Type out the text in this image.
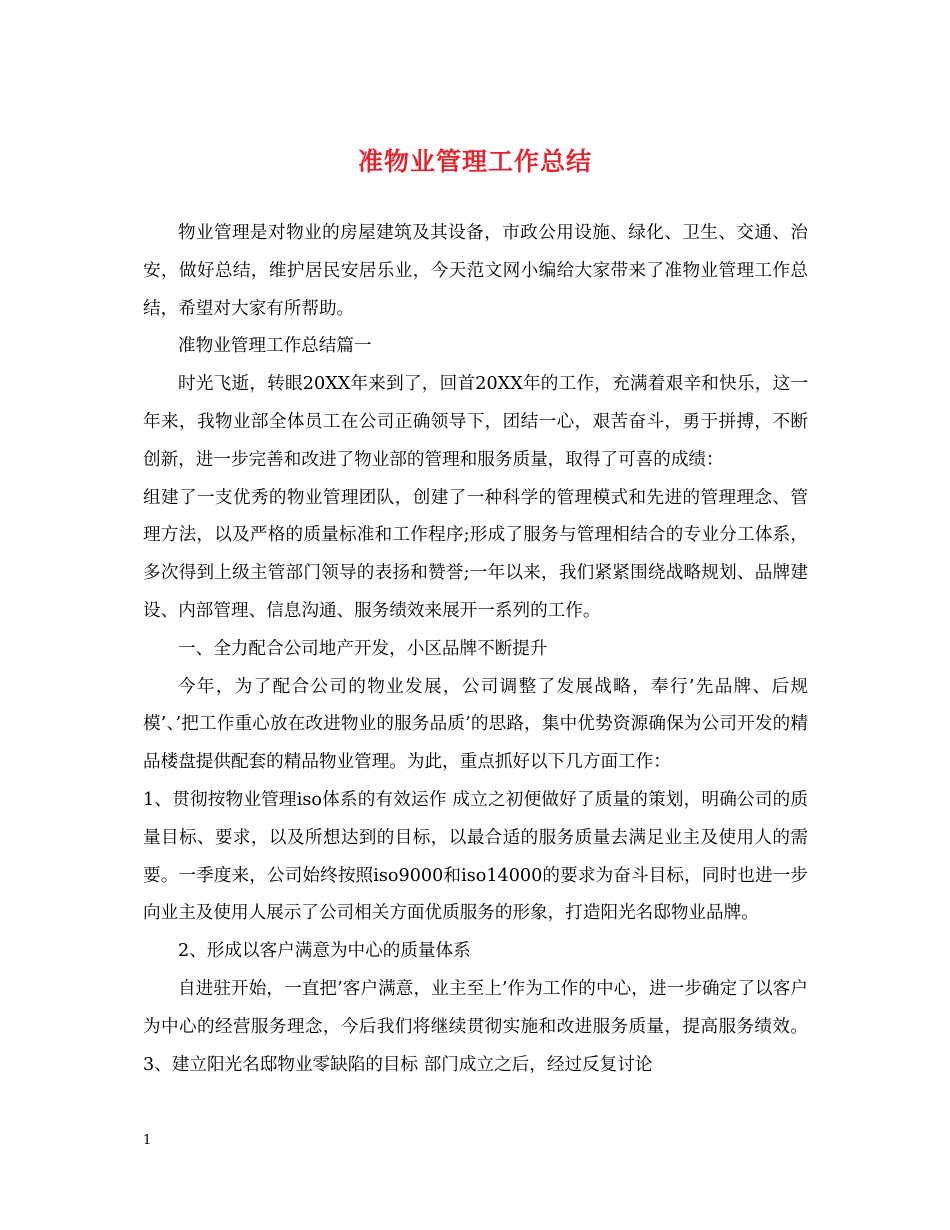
准物业管理工作总结

物业管理是对物业的房屋建筑及其设备，市政公用设施、绿化、卫生、交通、治安，做好总结，维护居民安居乐业，今天范文网小编给大家带来了准物业管理工作总结，希望对大家有所帮助。

准物业管理工作总结篇一

时光飞逝，转眼20XX年来到了，回首20XX年的工作，充满着艰辛和快乐，这一年来，我物业部全体员工在公司正确领导下，团结一心，艰苦奋斗，勇于拼搏，不断创新，进一步完善和改进了物业部的管理和服务质量，取得了可喜的成绩：

组建了一支优秀的物业管理团队，创建了一种科学的管理模式和先进的管理理念、管理方法，以及严格的质量标准和工作程序;形成了服务与管理相结合的专业分工体系，多次得到上级主管部门领导的表扬和赞誉;一年以来，我们紧紧围绕战略规划、品牌建设、内部管理、信息沟通、服务绩效来展开一系列的工作。

一、全力配合公司地产开发，小区品牌不断提升

今年，为了配合公司的物业发展，公司调整了发展战略，奉行’先品牌、后规模’、’把工作重心放在改进物业的服务品质’的思路，集中优势资源确保为公司开发的精品楼盘提供配套的精品物业管理。为此，重点抓好以下几方面工作：

1、贯彻按物业管理iso体系的有效运作 成立之初便做好了质量的策划，明确公司的质量目标、要求，以及所想达到的目标，以最合适的服务质量去满足业主及使用人的需要。一季度来，公司始终按照iso9000和iso14000的要求为奋斗目标，同时也进一步向业主及使用人展示了公司相关方面优质服务的形象，打造阳光名邸物业品牌。

2、形成以客户满意为中心的质量体系

自进驻开始，一直把’客户满意，业主至上’作为工作的中心，进一步确定了以客户为中心的经营服务理念，今后我们将继续贯彻实施和改进服务质量，提高服务绩效。 3、建立阳光名邸物业零缺陷的目标 部门成立之后，经过反复讨论

1
